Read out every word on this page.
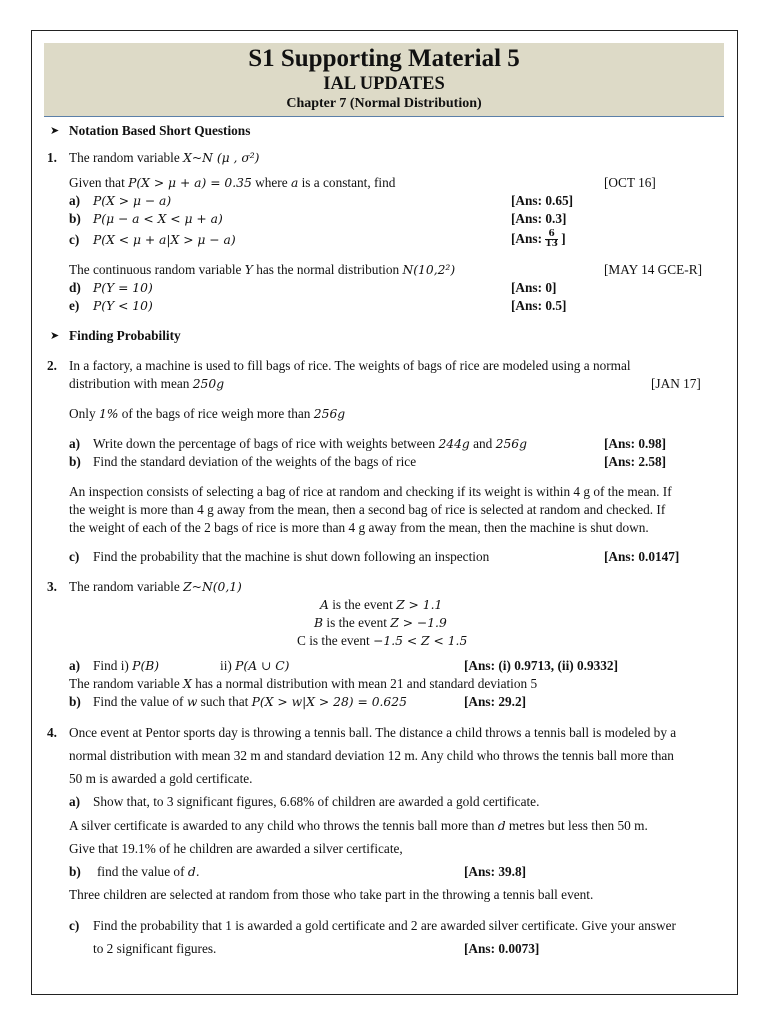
S1 Supporting Material 5
IAL UPDATES
Chapter 7 (Normal Distribution)
➤ Notation Based Short Questions
1. The random variable X~N (μ , σ²)
Given that P(X > μ + a) = 0.35 where a is a constant, find	[OCT 16]
a) P(X > μ − a)	[Ans: 0.65]
b) P(μ − a < X < μ + a)	[Ans: 0.3]
c) P(X < μ + a|X > μ − a)	[Ans: $\frac{6}{13}$ ]
The continuous random variable Y has the normal distribution N(10,2²)	[MAY 14 GCE-R]
d) P(Y = 10)	[Ans: 0]
e) P(Y < 10)	[Ans: 0.5]
➤ Finding Probability
2. In a factory, a machine is used to fill bags of rice. The weights of bags of rice are modeled using a normal
distribution with mean 250g	[JAN 17]
Only 1% of the bags of rice weigh more than 256g
a) Write down the percentage of bags of rice with weights between 244g and 256g	[Ans: 0.98]
b) Find the standard deviation of the weights of the bags of rice	[Ans: 2.58]
An inspection consists of selecting a bag of rice at random and checking if its weight is within 4 g of the mean. If
the weight is more than 4 g away from the mean, then a second bag of rice is selected at random and checked. If
the weight of each of the 2 bags of rice is more than 4 g away from the mean, then the machine is shut down.
c) Find the probability that the machine is shut down following an inspection	[Ans: 0.0147]
3. The random variable Z~N(0,1)
A is the event Z > 1.1
B is the event Z > −1.9
C is the event −1.5 < Z < 1.5
a) Find i) P(B)	ii) P(A ∪ C)	[Ans: (i) 0.9713, (ii) 0.9332]
The random variable X has a normal distribution with mean 21 and standard deviation 5
b) Find the value of w such that P(X > w|X > 28) = 0.625	[Ans: 29.2]
4. Once event at Pentor sports day is throwing a tennis ball. The distance a child throws a tennis ball is modeled by a
normal distribution with mean 32 m and standard deviation 12 m. Any child who throws the tennis ball more than
50 m is awarded a gold certificate.
a) Show that, to 3 significant figures, 6.68% of children are awarded a gold certificate.
A silver certificate is awarded to any child who throws the tennis ball more than d metres but less then 50 m.
Give that 19.1% of he children are awarded a silver certificate,
b) find the value of d.	[Ans: 39.8]
Three children are selected at random from those who take part in the throwing a tennis ball event.
c) Find the probability that 1 is awarded a gold certificate and 2 are awarded silver certificate. Give your answer
to 2 significant figures.	[Ans: 0.0073]
